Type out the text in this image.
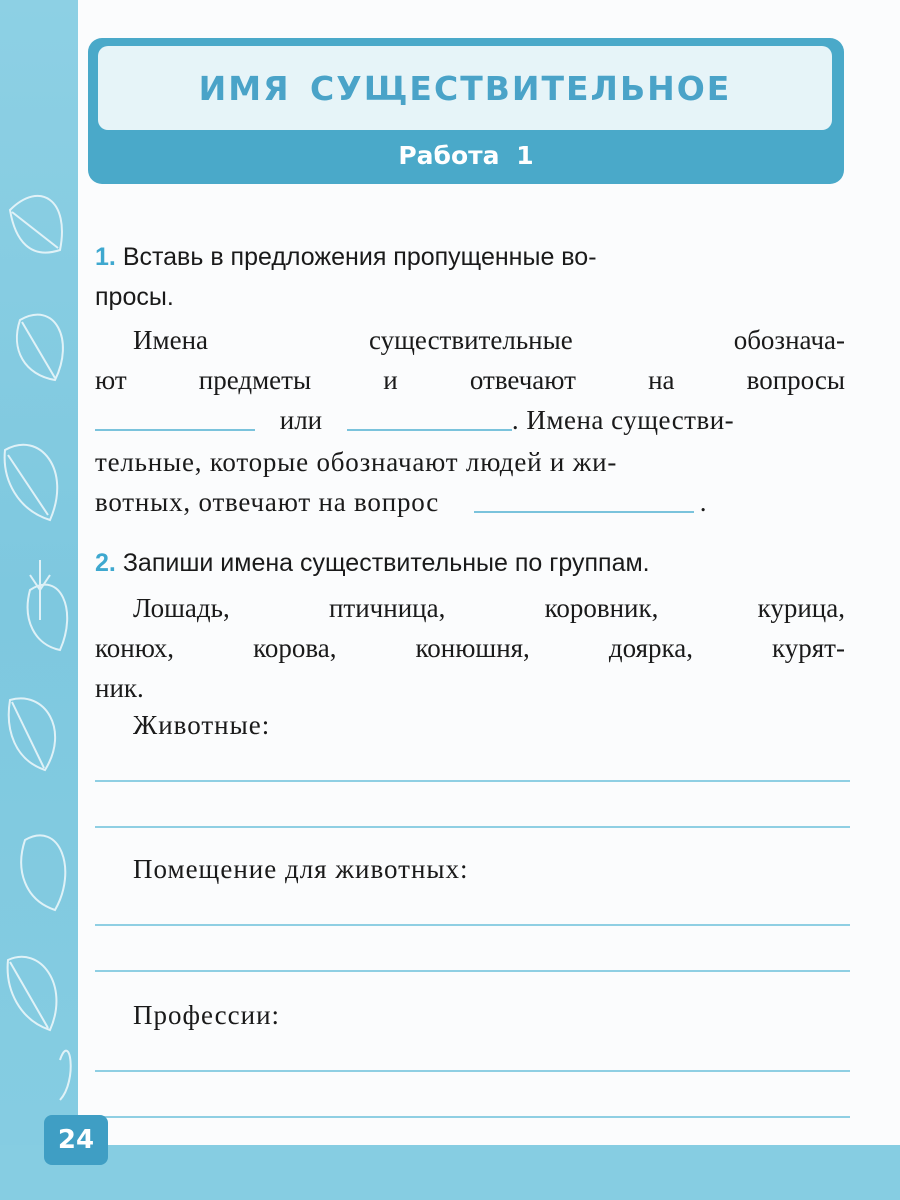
ИМЯ СУЩЕСТВИТЕЛЬНОЕ
Работа 1
1. Вставь в предложения пропущенные во-
просы.
Имена	существительные	обознача-
ют	предметы	и	отвечают	на	вопросы
или	. Имена существи-
тельные, которые обозначают людей и жи-
вотных, отвечают на вопрос	.
2. Запиши имена существительные по группам.
Лошадь,	птичница,	коровник,	курица,
конюх,	корова,	конюшня,	доярка,	курят-
ник.
Животные:
Помещение для животных:
Профессии:
24
